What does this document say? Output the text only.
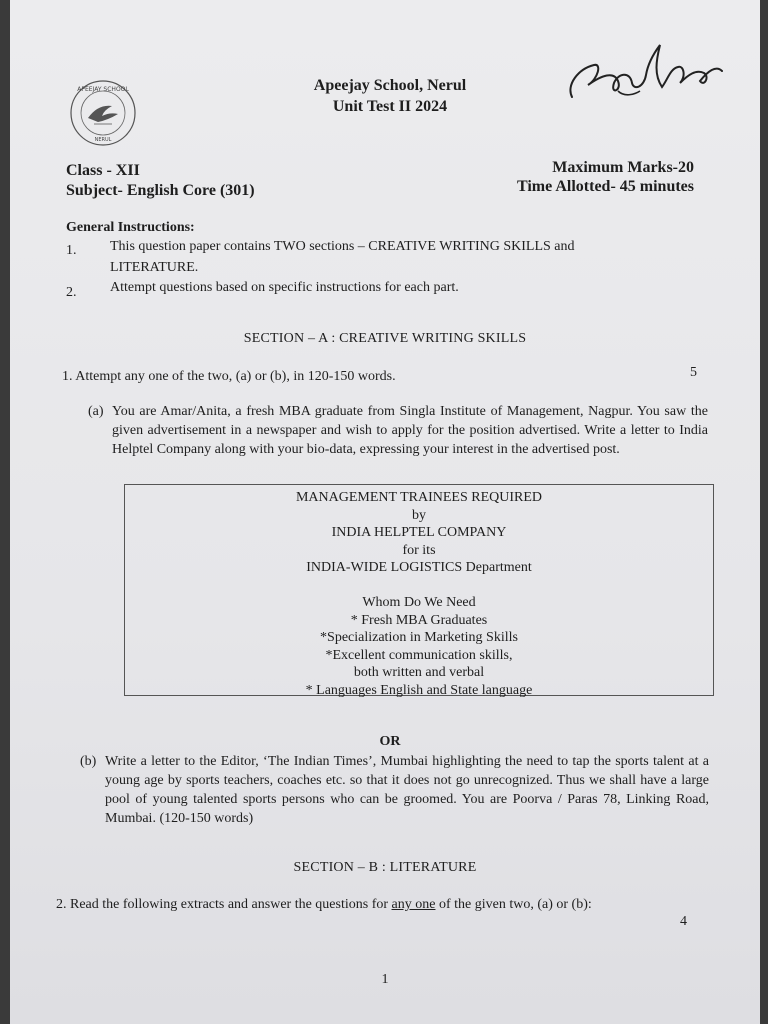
APEEJAY SCHOOL
NERUL
Apeejay School, Nerul
Unit Test II 2024
Class - XII
Subject- English Core (301)
Maximum Marks-20
Time Allotted- 45 minutes
General Instructions:
1. This question paper contains TWO sections – CREATIVE WRITING SKILLS and
LITERATURE.
2. Attempt questions based on specific instructions for each part.
SECTION – A : CREATIVE WRITING SKILLS
1. Attempt any one of the two, (a) or (b), in 120-150 words.	5
(a) You are Amar/Anita, a fresh MBA graduate from Singla Institute of Management, Nagpur. You saw the given advertisement in a newspaper and wish to apply for the position advertised. Write a letter to India Helptel Company along with your bio-data, expressing your interest in the advertised post.
MANAGEMENT TRAINEES REQUIRED
by
INDIA HELPTEL COMPANY
for its
INDIA-WIDE LOGISTICS Department
Whom Do We Need
* Fresh MBA Graduates
*Specialization in Marketing Skills
*Excellent communication skills,
both written and verbal
* Languages English and State language
OR
(b) Write a letter to the Editor, ‘The Indian Times’, Mumbai highlighting the need to tap the sports talent at a young age by sports teachers, coaches etc. so that it does not go unrecognized. Thus we shall have a large pool of young talented sports persons who can be groomed. You are Poorva / Paras 78, Linking Road, Mumbai. (120-150 words)
SECTION – B : LITERATURE
2. Read the following extracts and answer the questions for any one of the given two, (a) or (b):
4
1
